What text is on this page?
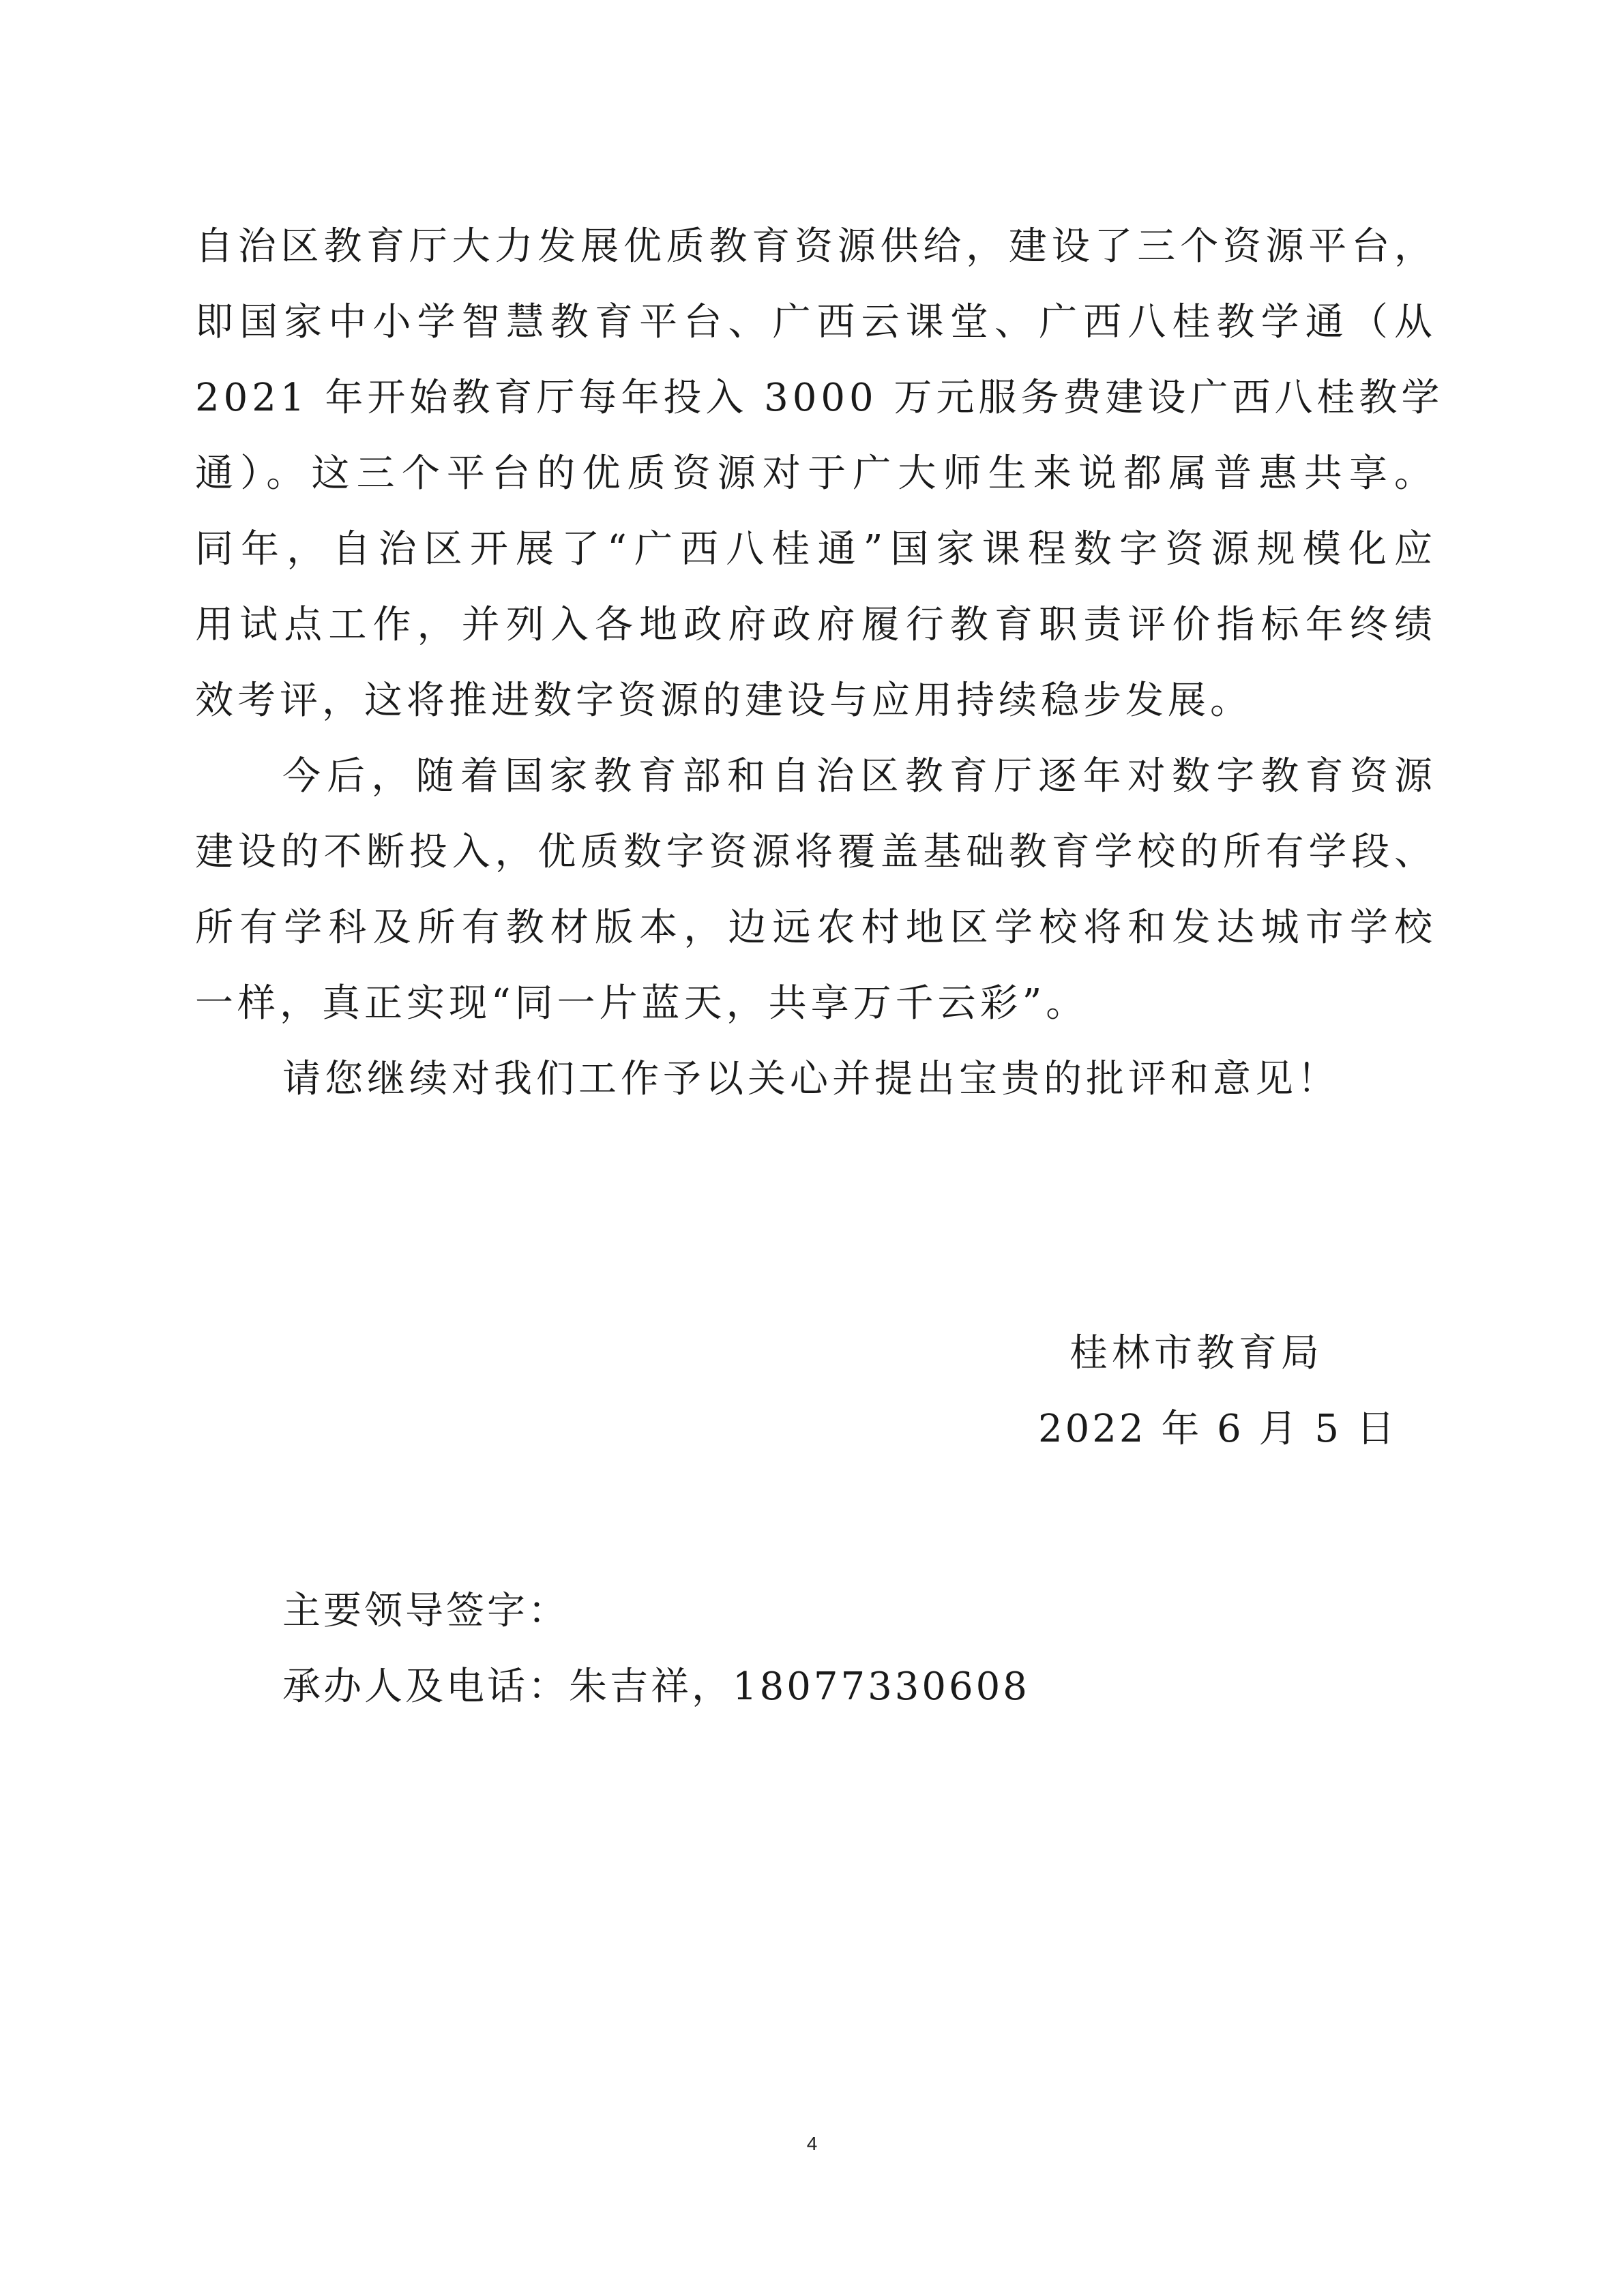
自治区教育厅大力发展优质教育资源供给，建设了三个资源平台，
即国家中小学智慧教育平台、广西云课堂、广西八桂教学通（从
2021 年开始教育厅每年投入 3000 万元服务费建设广西八桂教学
通）。这三个平台的优质资源对于广大师生来说都属普惠共享。
同年，自治区开展了“广西八桂通”国家课程数字资源规模化应
用试点工作，并列入各地政府政府履行教育职责评价指标年终绩
效考评，这将推进数字资源的建设与应用持续稳步发展。
今后，随着国家教育部和自治区教育厅逐年对数字教育资源
建设的不断投入，优质数字资源将覆盖基础教育学校的所有学段、
所有学科及所有教材版本，边远农村地区学校将和发达城市学校
一样，真正实现“同一片蓝天，共享万千云彩”。
请您继续对我们工作予以关心并提出宝贵的批评和意见！
桂林市教育局
2022 年 6 月 5 日
主要领导签字：
承办人及电话：朱吉祥，18077330608
4
